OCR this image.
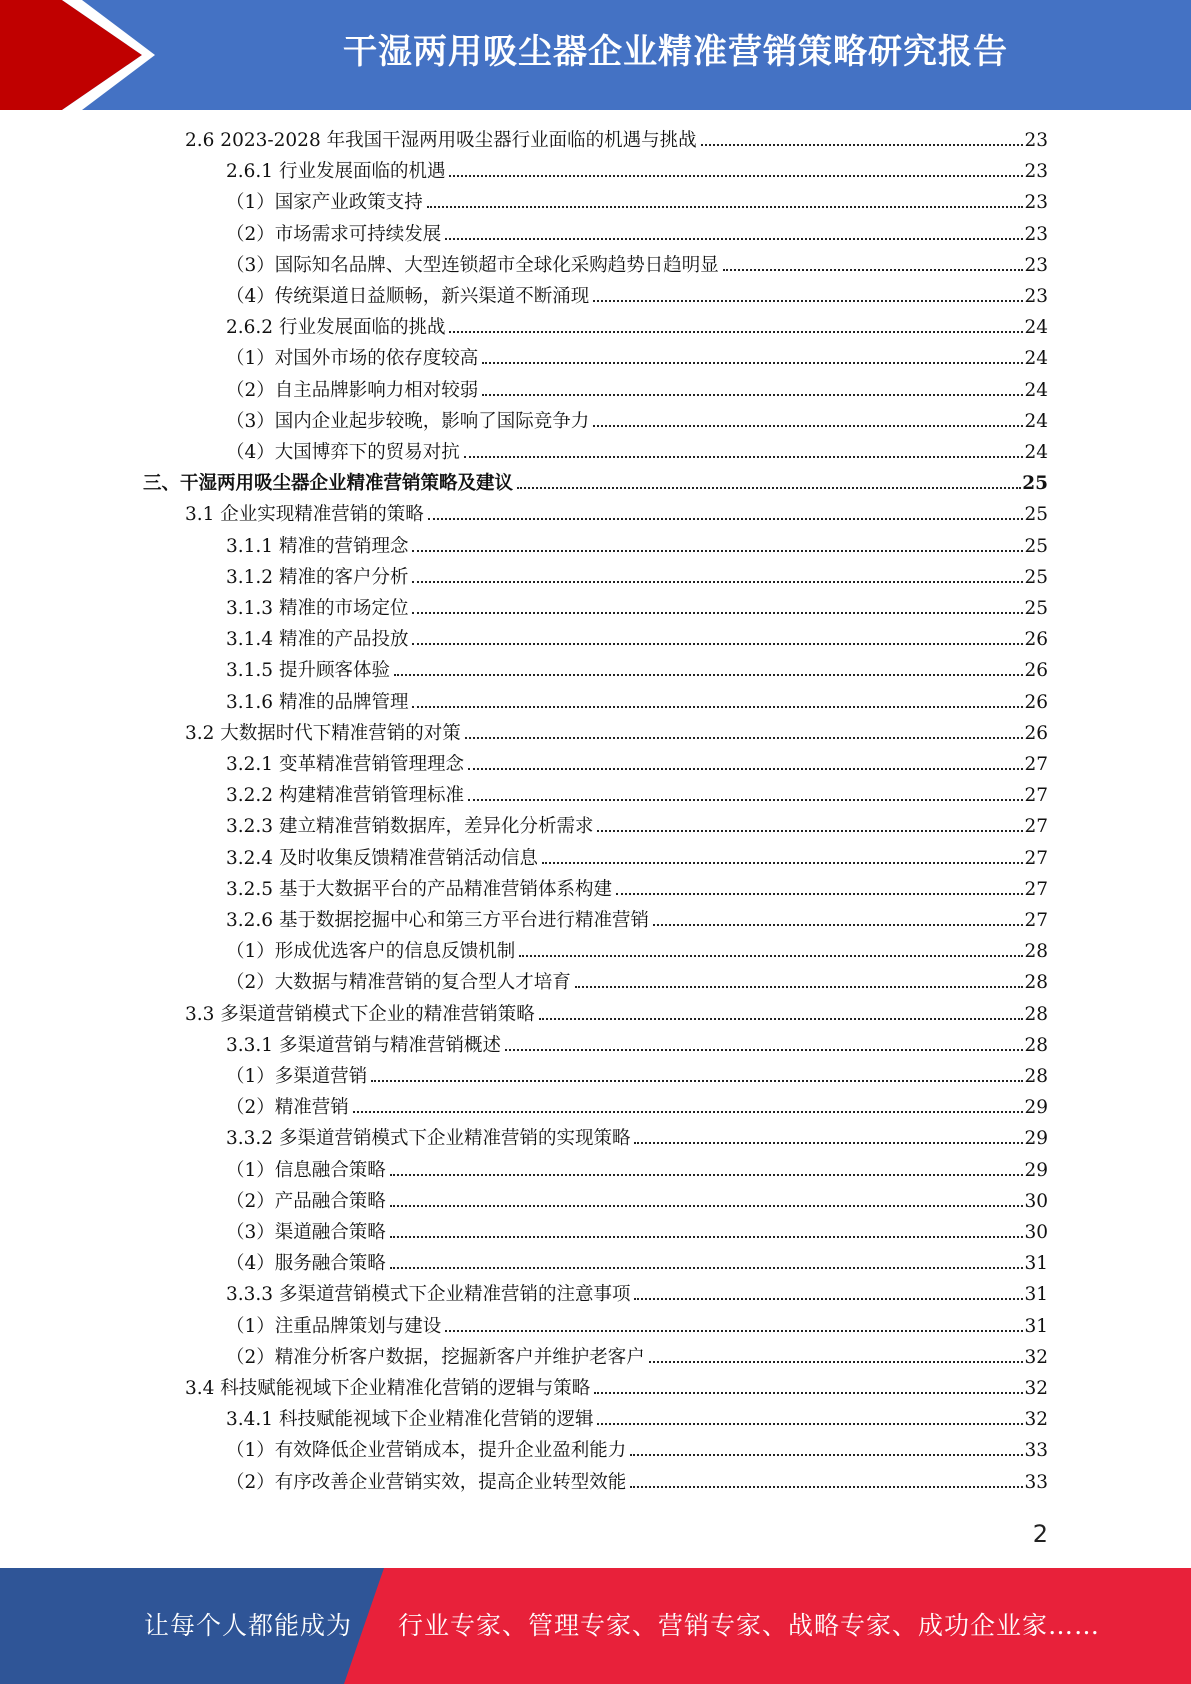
干湿两用吸尘器企业精准营销策略研究报告
2.6 2023-2028 年我国干湿两用吸尘器行业面临的机遇与挑战	23
2.6.1 行业发展面临的机遇	23
（1）国家产业政策支持	23
（2）市场需求可持续发展	23
（3）国际知名品牌、大型连锁超市全球化采购趋势日趋明显	23
（4）传统渠道日益顺畅，新兴渠道不断涌现	23
2.6.2 行业发展面临的挑战	24
（1）对国外市场的依存度较高	24
（2）自主品牌影响力相对较弱	24
（3）国内企业起步较晚，影响了国际竞争力	24
（4）大国博弈下的贸易对抗	24
三、干湿两用吸尘器企业精准营销策略及建议	25
3.1 企业实现精准营销的策略	25
3.1.1 精准的营销理念	25
3.1.2 精准的客户分析	25
3.1.3 精准的市场定位	25
3.1.4 精准的产品投放	26
3.1.5 提升顾客体验	26
3.1.6 精准的品牌管理	26
3.2 大数据时代下精准营销的对策	26
3.2.1 变革精准营销管理理念	27
3.2.2 构建精准营销管理标准	27
3.2.3 建立精准营销数据库，差异化分析需求	27
3.2.4 及时收集反馈精准营销活动信息	27
3.2.5 基于大数据平台的产品精准营销体系构建	27
3.2.6 基于数据挖掘中心和第三方平台进行精准营销	27
（1）形成优选客户的信息反馈机制	28
（2）大数据与精准营销的复合型人才培育	28
3.3 多渠道营销模式下企业的精准营销策略	28
3.3.1 多渠道营销与精准营销概述	28
（1）多渠道营销	28
（2）精准营销	29
3.3.2 多渠道营销模式下企业精准营销的实现策略	29
（1）信息融合策略	29
（2）产品融合策略	30
（3）渠道融合策略	30
（4）服务融合策略	31
3.3.3 多渠道营销模式下企业精准营销的注意事项	31
（1）注重品牌策划与建设	31
（2）精准分析客户数据，挖掘新客户并维护老客户	32
3.4 科技赋能视域下企业精准化营销的逻辑与策略	32
3.4.1 科技赋能视域下企业精准化营销的逻辑	32
（1）有效降低企业营销成本，提升企业盈利能力	33
（2）有序改善企业营销实效，提高企业转型效能	33
2
让每个人都能成为 行业专家、管理专家、营销专家、战略专家、成功企业家……
